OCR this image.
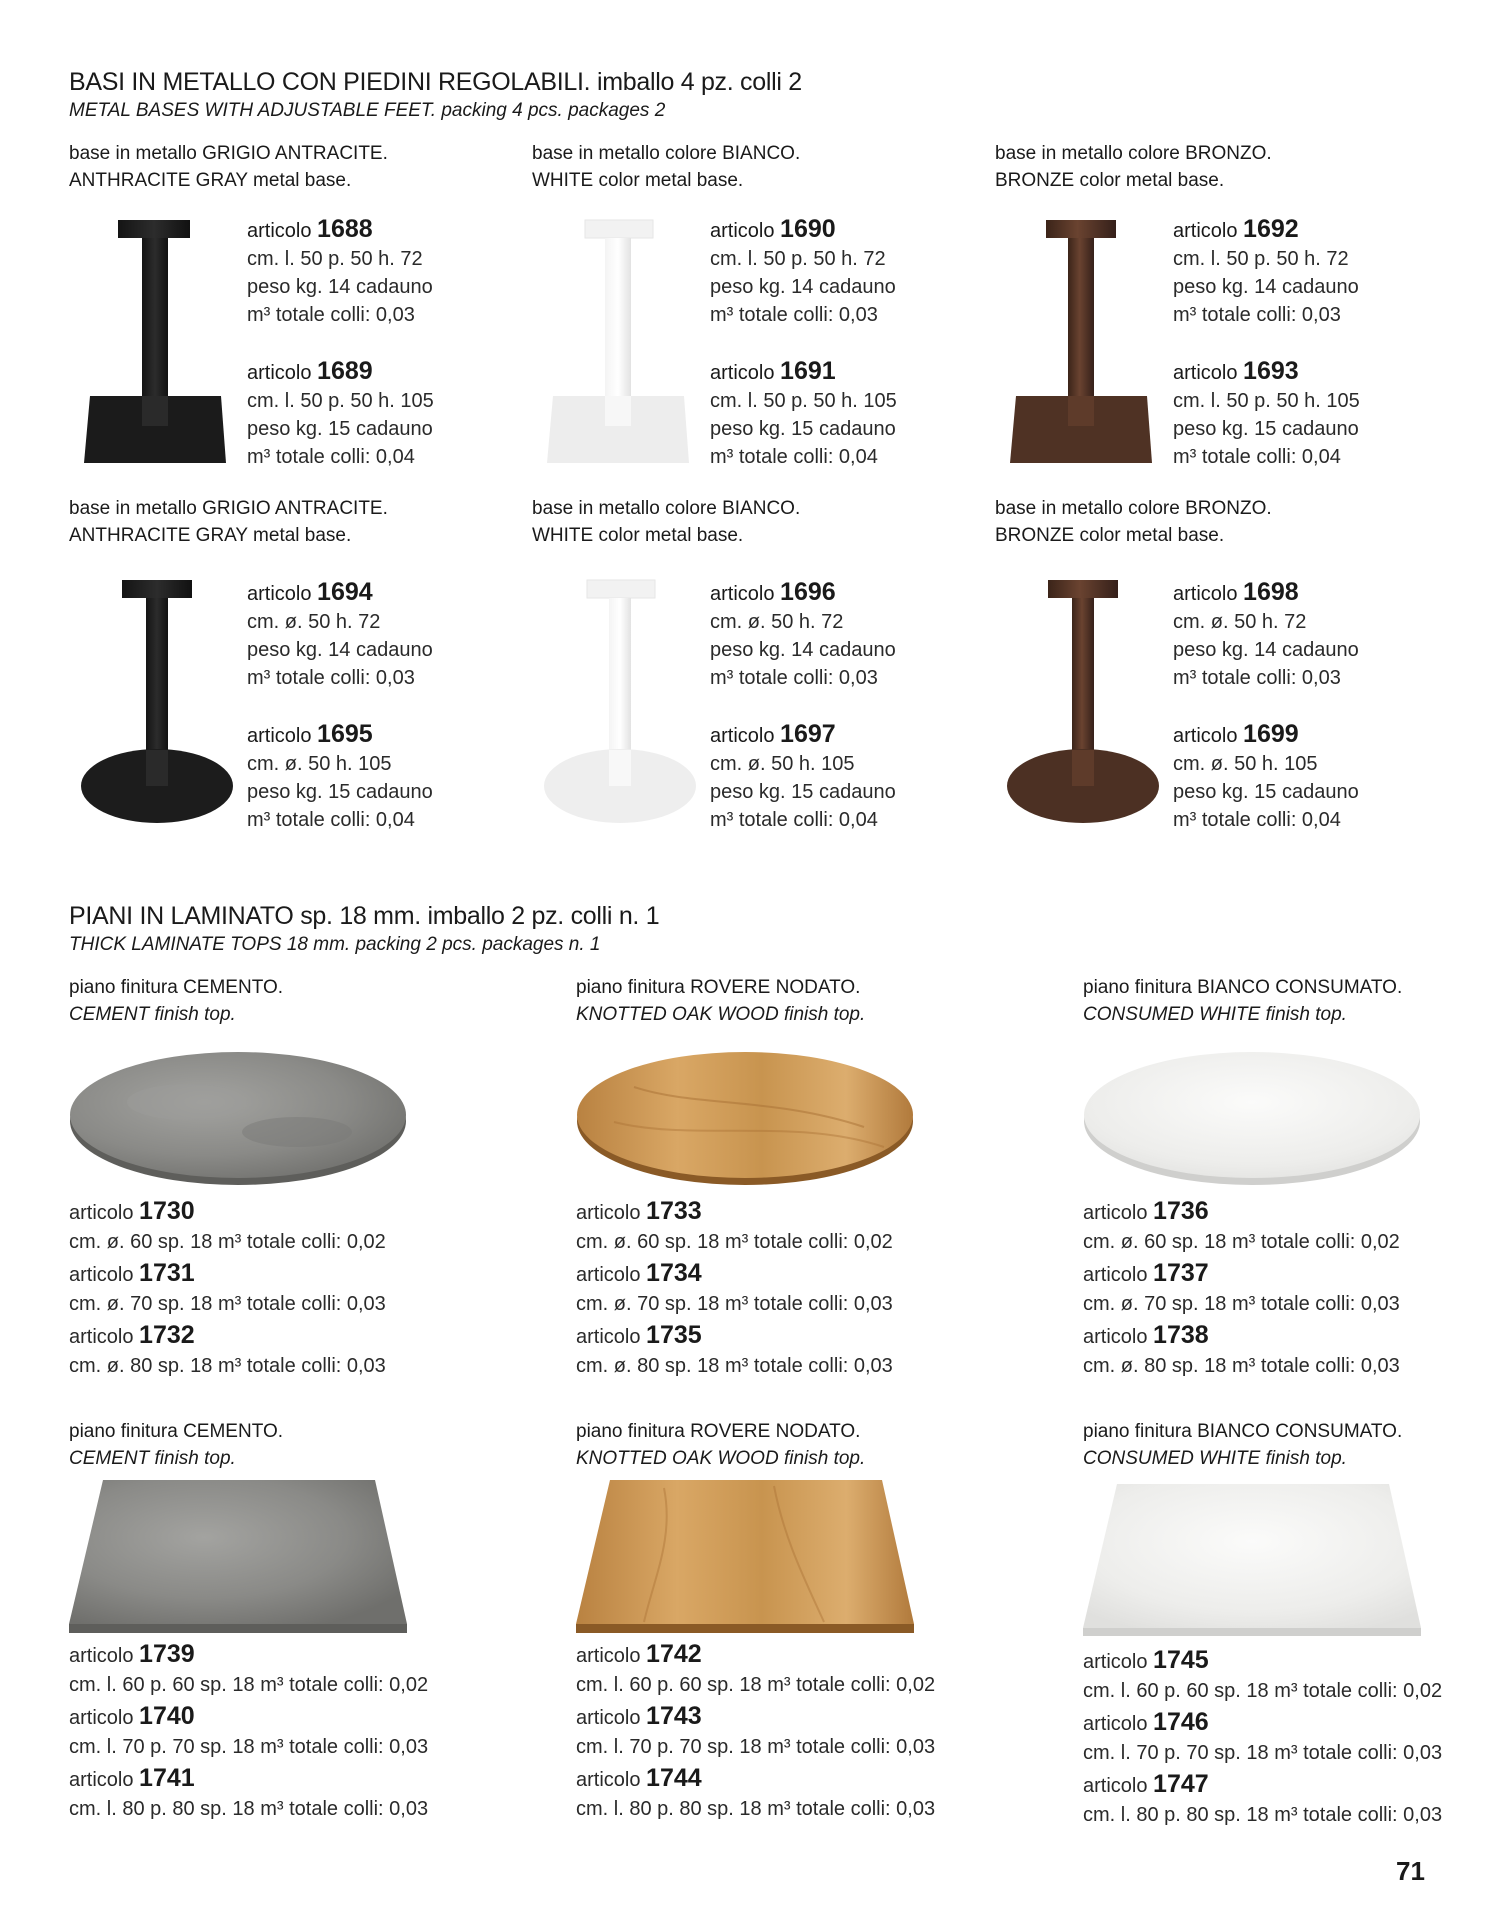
BASI IN METALLO CON PIEDINI REGOLABILI. imballo 4 pz. colli 2
METAL BASES WITH ADJUSTABLE FEET. packing 4 pcs. packages 2
base in metallo GRIGIO ANTRACITE.
ANTHRACITE GRAY metal base.
articolo 1688
cm. l. 50 p. 50 h. 72
peso kg. 14 cadauno
m³ totale colli: 0,03
articolo 1689
cm. l. 50 p. 50 h. 105
peso kg. 15 cadauno
m³ totale colli: 0,04
base in metallo colore BIANCO.
WHITE color metal base.
articolo 1690
cm. l. 50 p. 50 h. 72
peso kg. 14 cadauno
m³ totale colli: 0,03
articolo 1691
cm. l. 50 p. 50 h. 105
peso kg. 15 cadauno
m³ totale colli: 0,04
base in metallo colore BRONZO.
BRONZE color metal base.
articolo 1692
cm. l. 50 p. 50 h. 72
peso kg. 14 cadauno
m³ totale colli: 0,03
articolo 1693
cm. l. 50 p. 50 h. 105
peso kg. 15 cadauno
m³ totale colli: 0,04
base in metallo GRIGIO ANTRACITE.
ANTHRACITE GRAY metal base.
articolo 1694
cm. ø. 50 h. 72
peso kg. 14 cadauno
m³ totale colli: 0,03
articolo 1695
cm. ø. 50 h. 105
peso kg. 15 cadauno
m³ totale colli: 0,04
base in metallo colore BIANCO.
WHITE color metal base.
articolo 1696
cm. ø. 50 h. 72
peso kg. 14 cadauno
m³ totale colli: 0,03
articolo 1697
cm. ø. 50 h. 105
peso kg. 15 cadauno
m³ totale colli: 0,04
base in metallo colore BRONZO.
BRONZE color metal base.
articolo 1698
cm. ø. 50 h. 72
peso kg. 14 cadauno
m³ totale colli: 0,03
articolo 1699
cm. ø. 50 h. 105
peso kg. 15 cadauno
m³ totale colli: 0,04
PIANI IN LAMINATO sp. 18 mm. imballo 2 pz. colli n. 1
THICK LAMINATE TOPS 18 mm. packing 2 pcs. packages n. 1
piano finitura CEMENTO.
CEMENT finish top.
articolo 1730
cm. ø. 60 sp. 18 m³ totale colli: 0,02
articolo 1731
cm. ø. 70 sp. 18 m³ totale colli: 0,03
articolo 1732
cm. ø. 80 sp. 18 m³ totale colli: 0,03
piano finitura ROVERE NODATO.
KNOTTED OAK WOOD finish top.
articolo 1733
cm. ø. 60 sp. 18 m³ totale colli: 0,02
articolo 1734
cm. ø. 70 sp. 18 m³ totale colli: 0,03
articolo 1735
cm. ø. 80 sp. 18 m³ totale colli: 0,03
piano finitura BIANCO CONSUMATO.
CONSUMED WHITE finish top.
articolo 1736
cm. ø. 60 sp. 18 m³ totale colli: 0,02
articolo 1737
cm. ø. 70 sp. 18 m³ totale colli: 0,03
articolo 1738
cm. ø. 80 sp. 18 m³ totale colli: 0,03
piano finitura CEMENTO.
CEMENT finish top.
articolo 1739
cm. l. 60 p. 60 sp. 18 m³ totale colli: 0,02
articolo 1740
cm. l. 70 p. 70 sp. 18 m³ totale colli: 0,03
articolo 1741
cm. l. 80 p. 80 sp. 18 m³ totale colli: 0,03
piano finitura ROVERE NODATO.
KNOTTED OAK WOOD finish top.
articolo 1742
cm. l. 60 p. 60 sp. 18 m³ totale colli: 0,02
articolo 1743
cm. l. 70 p. 70 sp. 18 m³ totale colli: 0,03
articolo 1744
cm. l. 80 p. 80 sp. 18 m³ totale colli: 0,03
piano finitura BIANCO CONSUMATO.
CONSUMED WHITE finish top.
articolo 1745
cm. l. 60 p. 60 sp. 18 m³ totale colli: 0,02
articolo 1746
cm. l. 70 p. 70 sp. 18 m³ totale colli: 0,03
articolo 1747
cm. l. 80 p. 80 sp. 18 m³ totale colli: 0,03
71
